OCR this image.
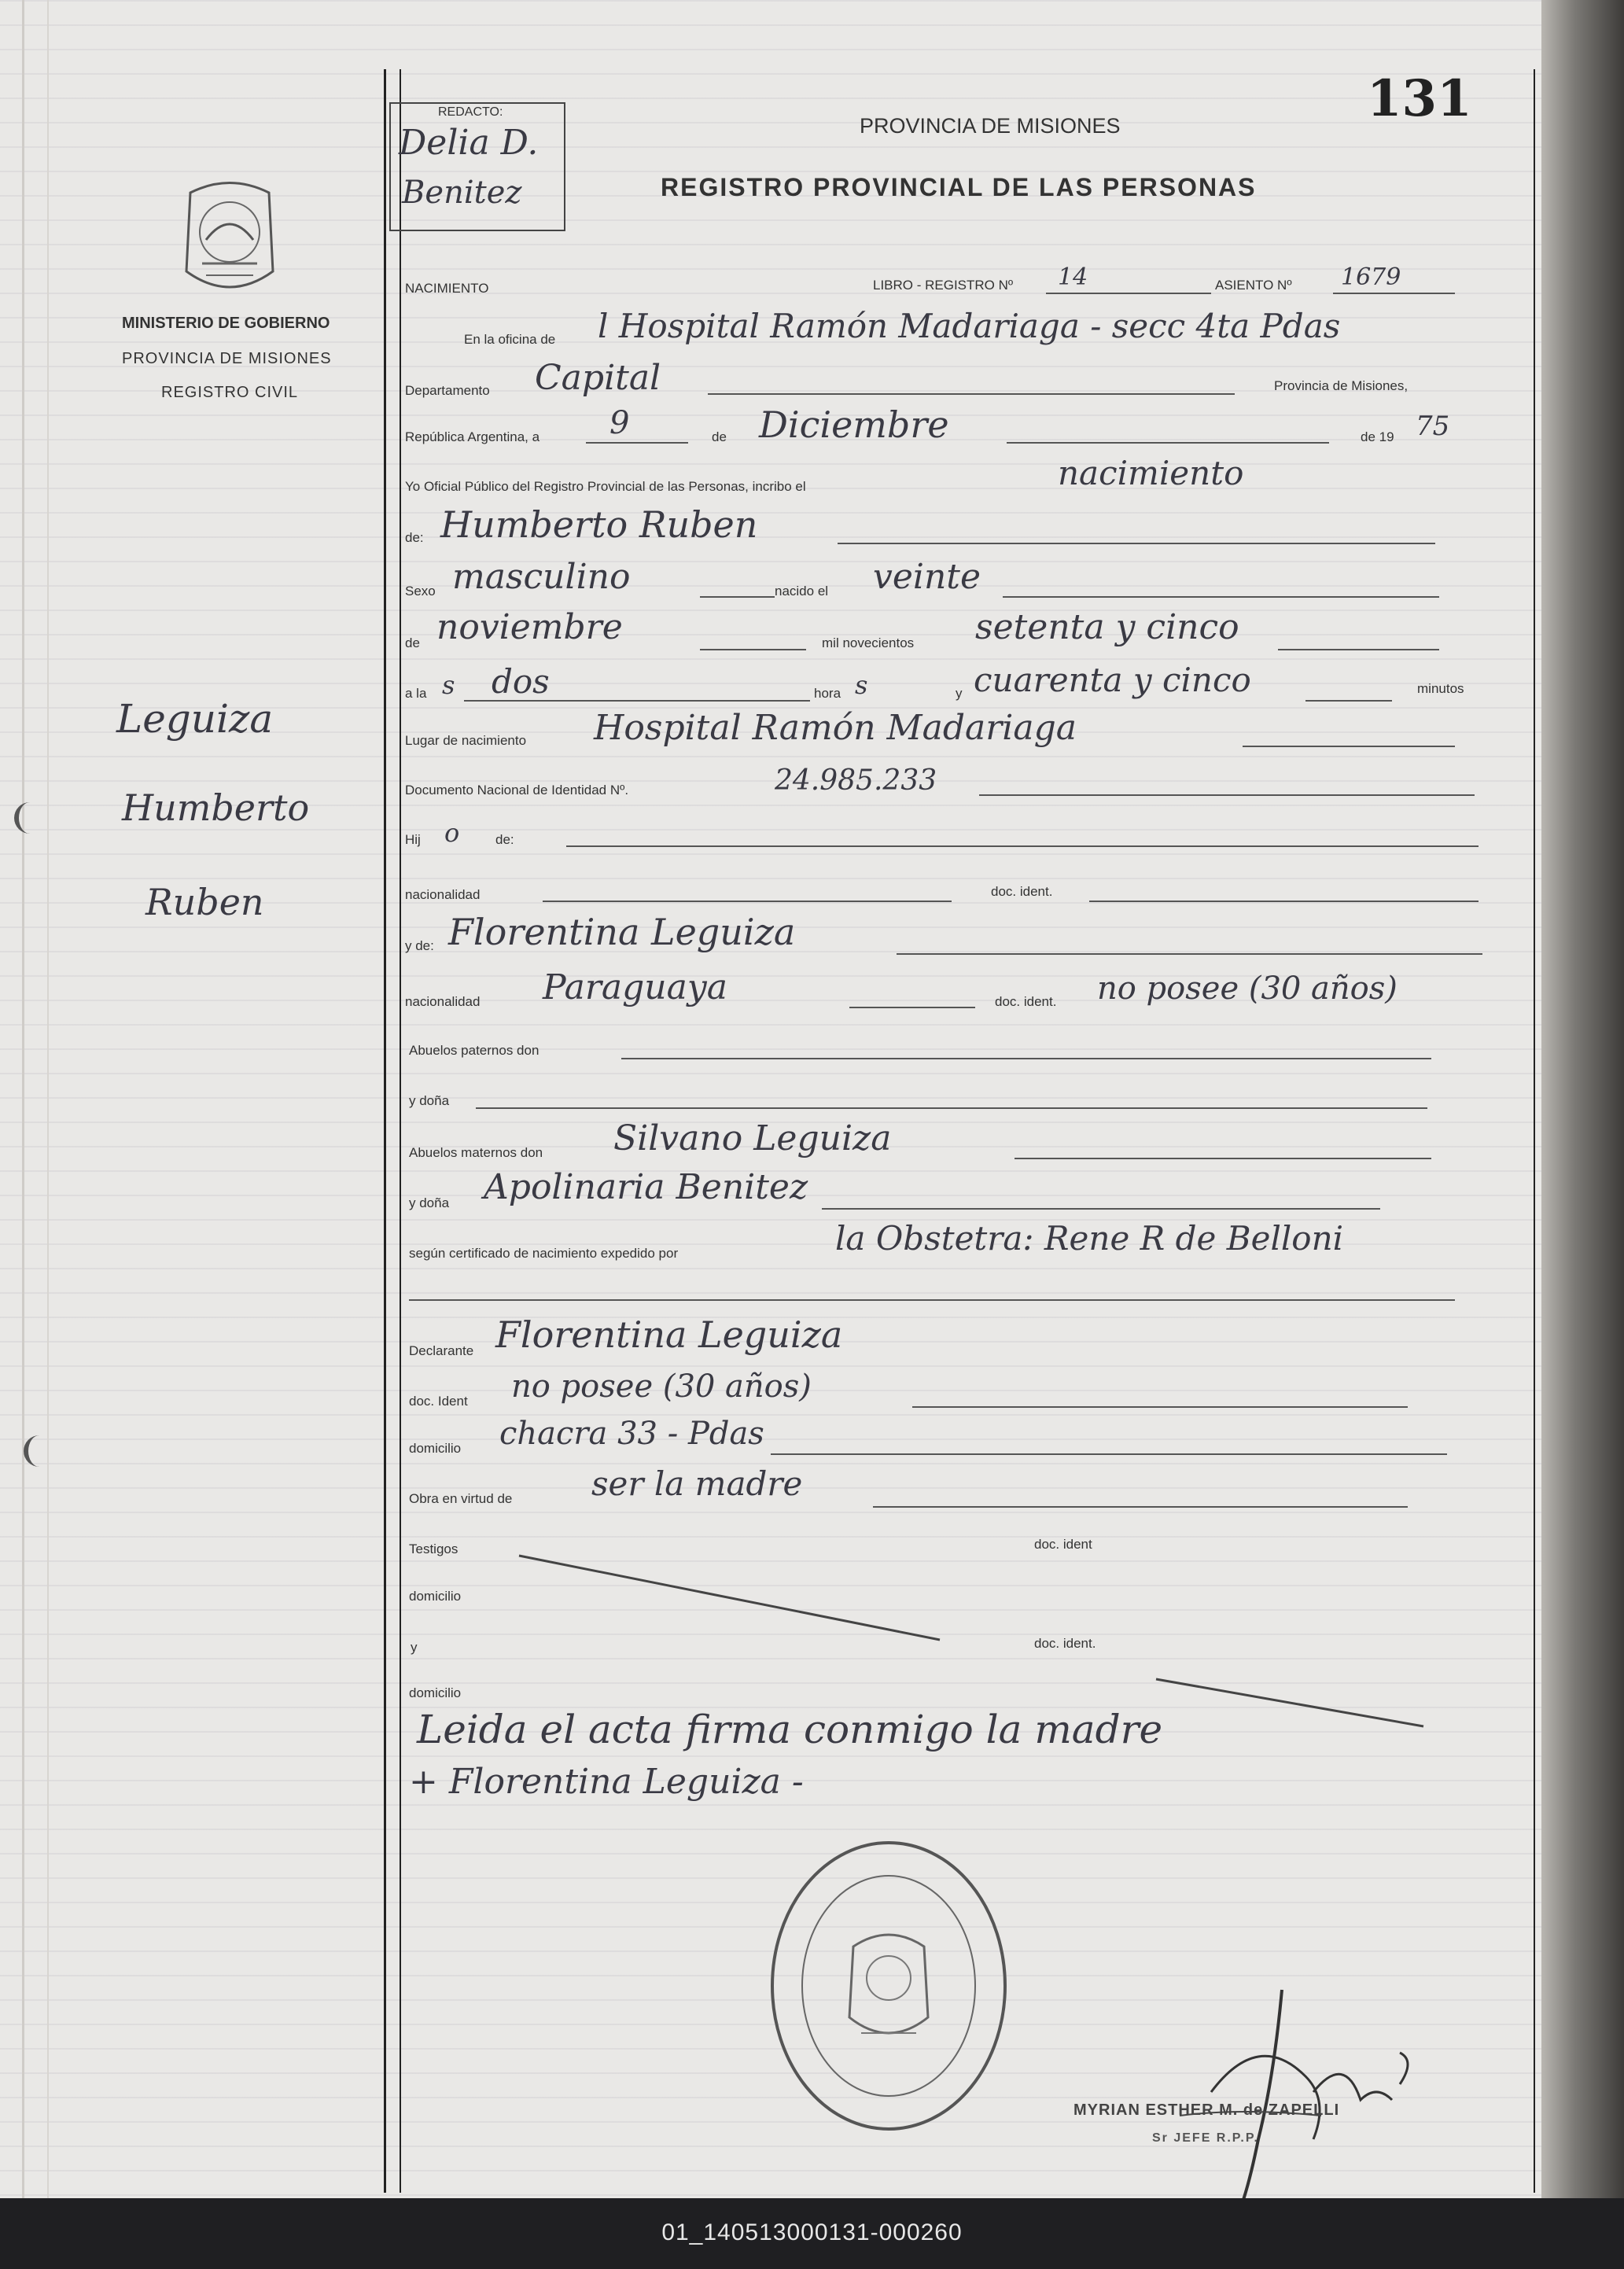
131
MINISTERIO DE GOBIERNO
PROVINCIA DE MISIONES
REGISTRO CIVIL
Leguiza
Humberto
Ruben
REDACTO:
Delia D.
Benitez
PROVINCIA DE MISIONES
REGISTRO PROVINCIAL DE LAS PERSONAS
NACIMIENTO	LIBRO - REGISTRO Nº 14	ASIENTO Nº 1679
En la oficina de l Hospital Ramón Madariaga - secc 4ta Pdas
Departamento Capital	Provincia de Misiones,
República Argentina, a 9	de Diciembre	de 19 75
Yo Oficial Público del Registro Provincial de las Personas, incribo el	nacimiento
de: Humberto Ruben
Sexo masculino	nacido el veinte
de noviembre	mil novecientos setenta y cinco
a la s dos	hora s	y cuarenta y cinco	minutos
Lugar de nacimiento Hospital Ramón Madariaga
Documento Nacional de Identidad Nº.	24.985.233
Hij o	de:
nacionalidad	doc. ident.
y de: Florentina Leguiza
nacionalidad Paraguaya	doc. ident. no posee (30 años)
Abuelos paternos don
y doña
Abuelos maternos don Silvano Leguiza
y doña Apolinaria Benitez
según certificado de nacimiento expedido por	la Obstetra: Rene R de Belloni
Declarante Florentina Leguiza
doc. Ident no posee (30 años)
domicilio chacra 33 - Pdas
Obra en virtud de ser la madre
Testigos	doc. ident
domicilio
y	doc. ident.
domicilio
Leida el acta firma conmigo la madre
+ Florentina Leguiza -
MYRIAN ESTHER M. de ZAPELLI
Sr JEFE R.P.P.
01_140513000131-000260
